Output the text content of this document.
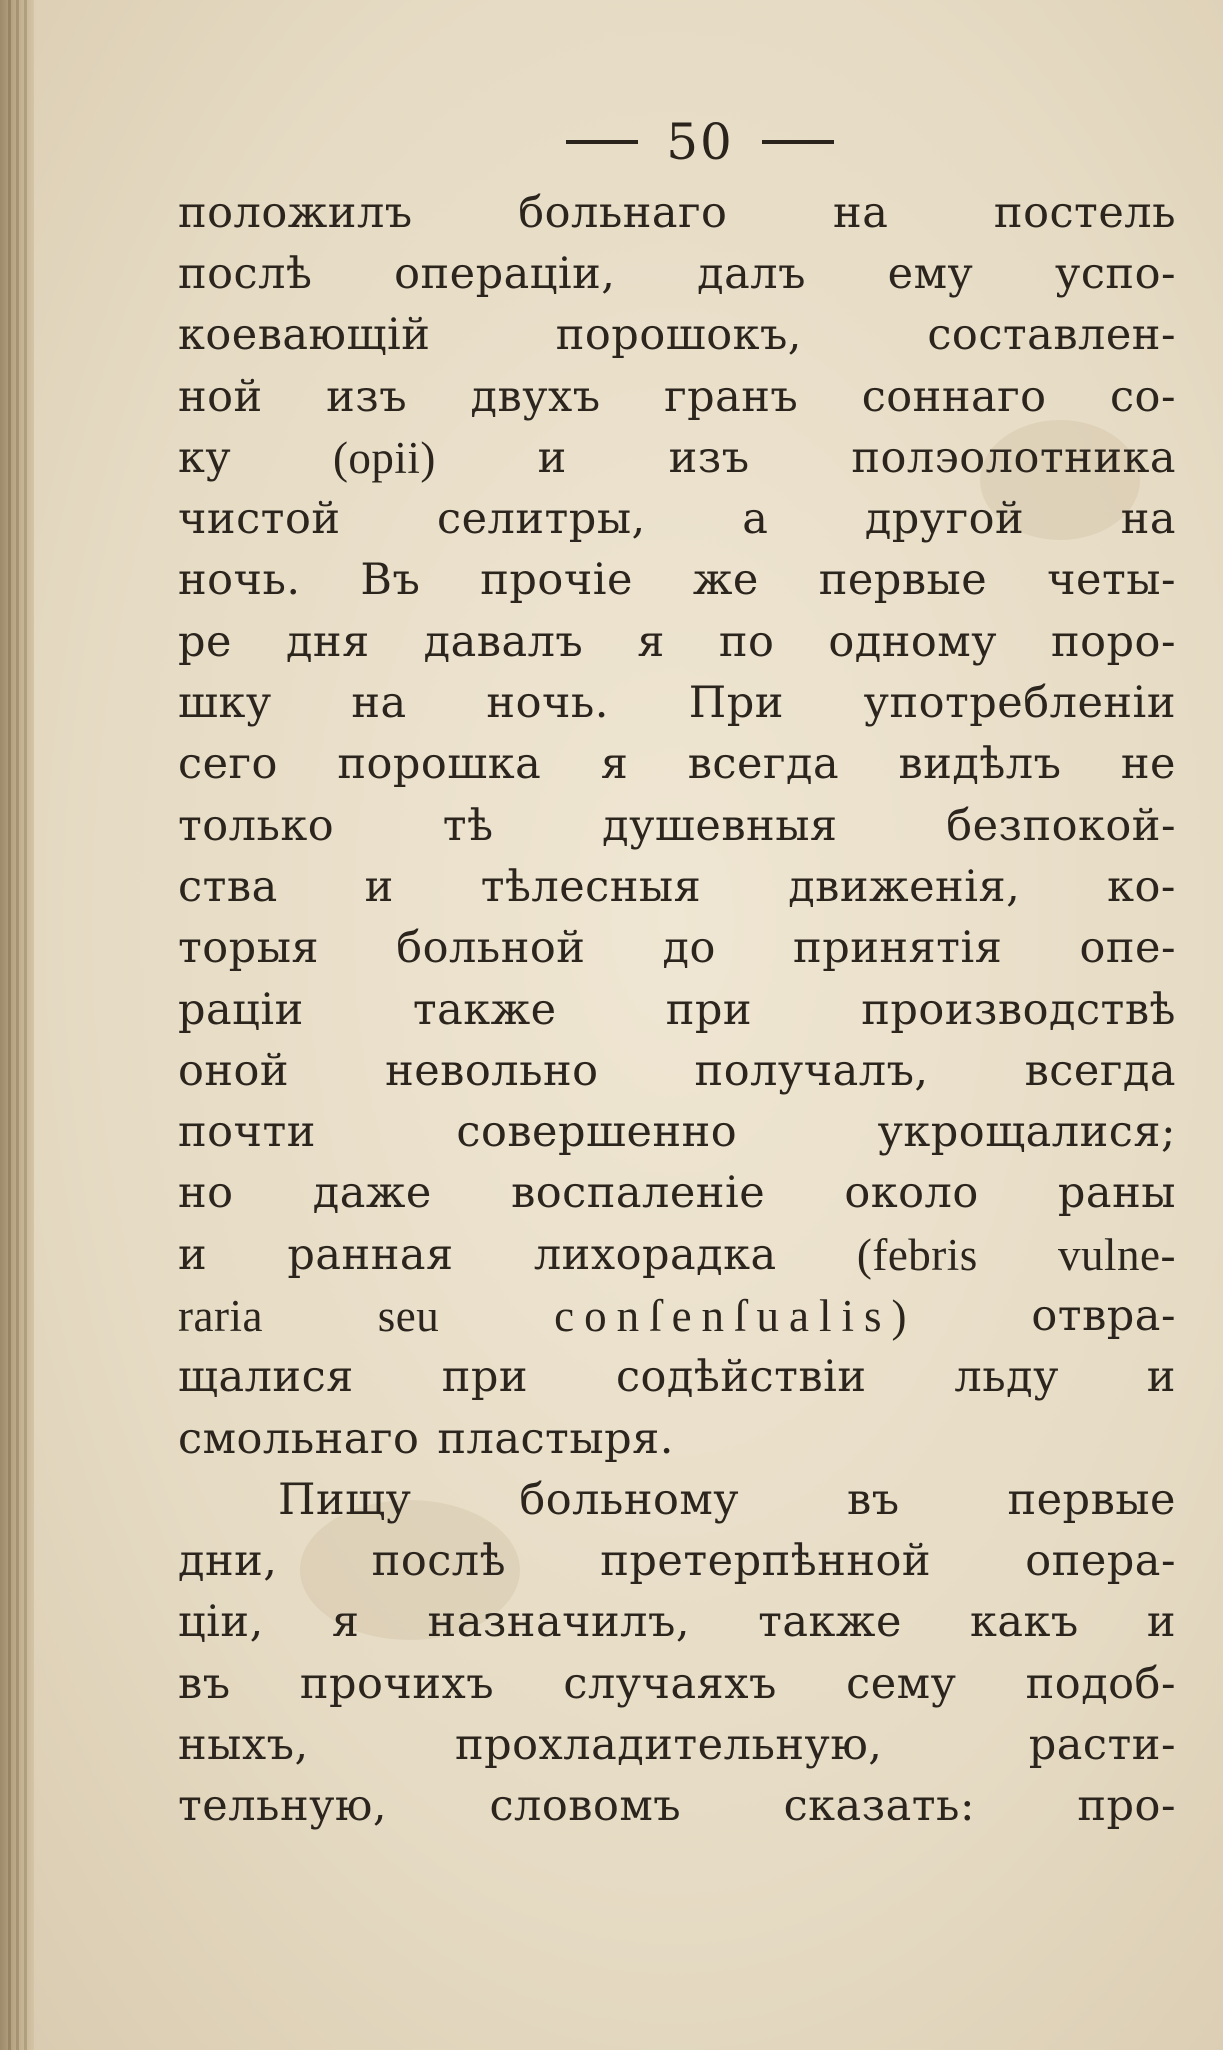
50
положилъ больнаго на постель
послѣ операціи, далъ ему успо-
коевающій	порошокъ,	составлен-
ной изъ двухъ гранъ соннаго со-
ку (opii) и изъ полэолотника
чистой селитры, а другой на
ночь. Въ прочіе же первые четы-
ре дня давалъ я по одному поро-
шку на ночь. При употребленіи
сего порошка я всегда видѣлъ не
только	тѣ	душевныя	безпокой-
ства и тѣлесныя движенія, ко-
торыя больной до принятія опе-
раціи	также	при	производствѣ
оной невольно получалъ, всегда
почти	совершенно	укрощалися;
но даже воспаленіе около раны
и ранная лихорадка (febris vulne-
raria	seu	conſenſualis)	отвра-
щалися при содѣйствіи льду и
смольнаго пластыря.
Пищу	больному	въ	первые
дни, послѣ претерпѣнной опера-
ціи, я назначилъ, также какъ и
въ прочихъ случаяхъ сему подоб-
ныхъ,	прохладительную,	расти-
тельную, словомъ сказать: про-
